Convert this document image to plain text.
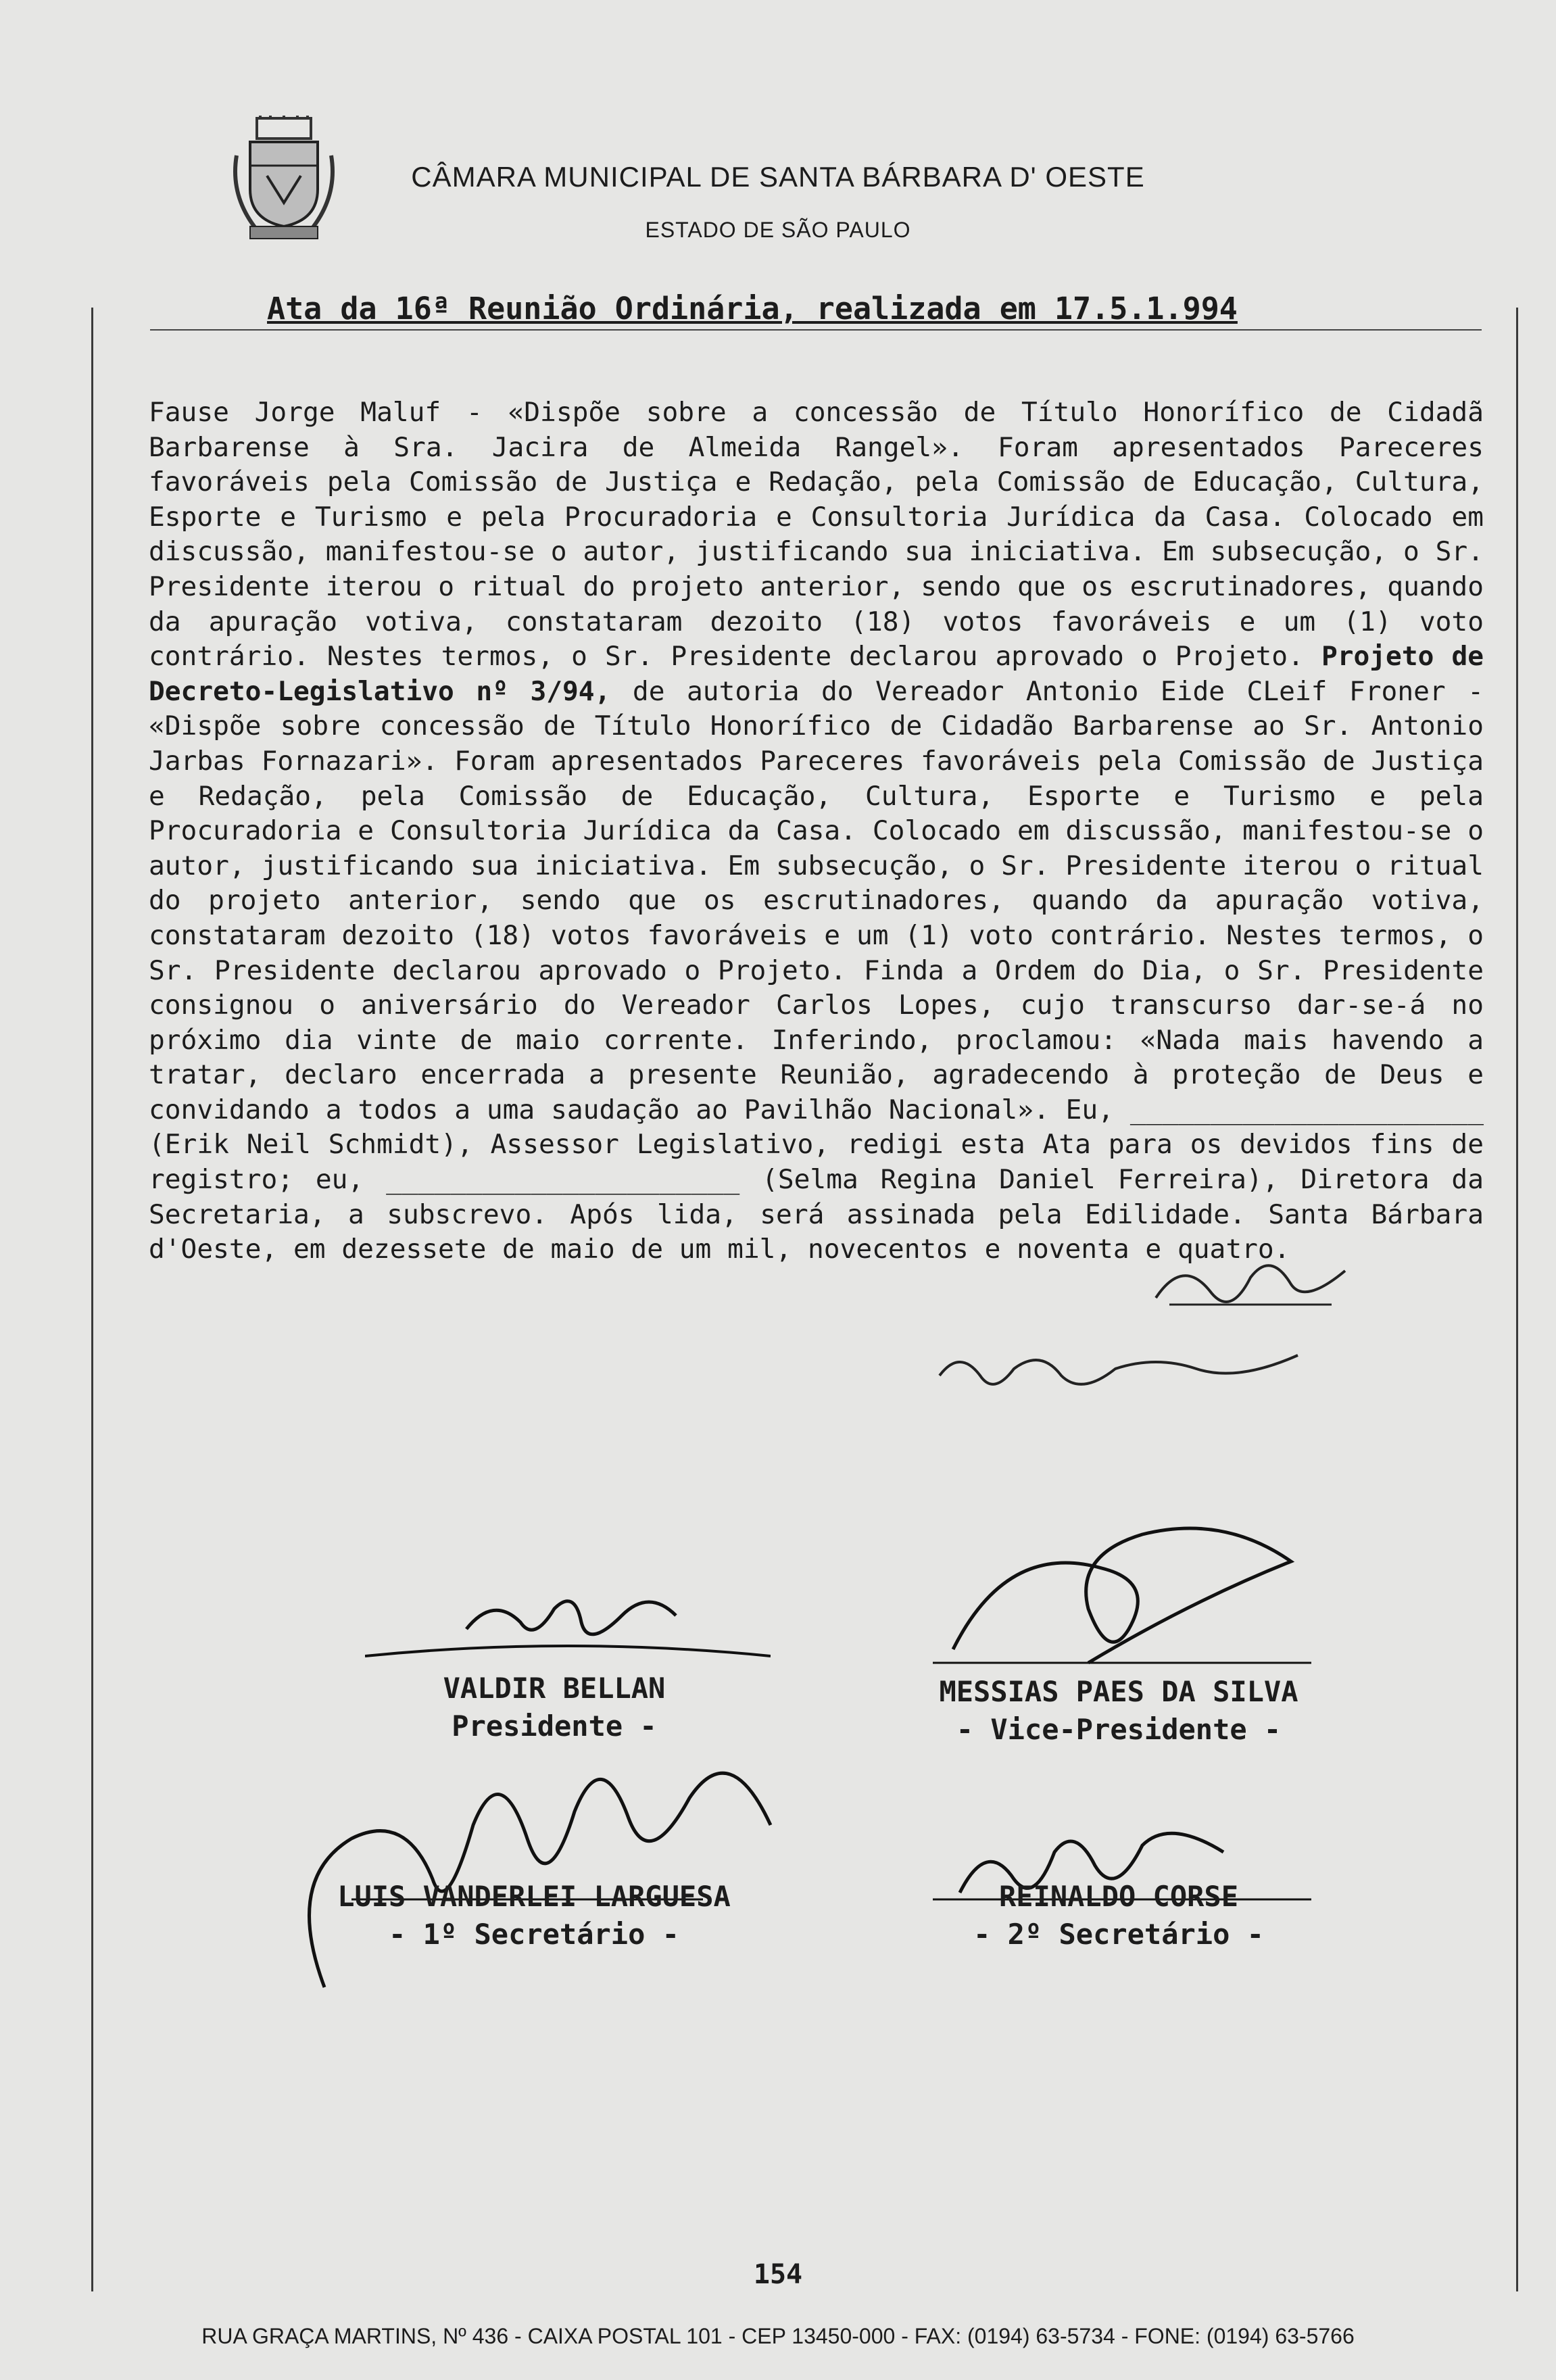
CÂMARA MUNICIPAL DE SANTA BÁRBARA D' OESTE
ESTADO DE SÃO PAULO
Ata da 16ª Reunião Ordinária, realizada em 17.5.1.994

Fause Jorge Maluf - «Dispõe sobre a concessão de Título Honorífico de Cidadã Barbarense à Sra. Jacira de Almeida Rangel». Foram apresentados Pareceres favoráveis pela Comissão de Justiça e Redação, pela Comissão de Educação, Cultura, Esporte e Turismo e pela Procuradoria e Consultoria Jurídica da Casa. Colocado em discussão, manifestou-se o autor, justificando sua iniciativa. Em subsecução, o Sr. Presidente iterou o ritual do projeto anterior, sendo que os escrutinadores, quando da apuração votiva, constataram dezoito (18) votos favoráveis e um (1) voto contrário. Nestes termos, o Sr. Presidente declarou aprovado o Projeto. Projeto de Decreto-Legislativo nº 3/94, de autoria do Vereador Antonio Eide CLeif Froner - «Dispõe sobre concessão de Título Honorífico de Cidadão Barbarense ao Sr. Antonio Jarbas Fornazari». Foram apresentados Pareceres favoráveis pela Comissão de Justiça e Redação, pela Comissão de Educação, Cultura, Esporte e Turismo e pela Procuradoria e Consultoria Jurídica da Casa. Colocado em discussão, manifestou-se o autor, justificando sua iniciativa. Em subsecução, o Sr. Presidente iterou o ritual do projeto anterior, sendo que os escrutinadores, quando da apuração votiva, constataram dezoito (18) votos favoráveis e um (1) voto contrário. Nestes termos, o Sr. Presidente declarou aprovado o Projeto. Finda a Ordem do Dia, o Sr. Presidente consignou o aniversário do Vereador Carlos Lopes, cujo transcurso dar-se-á no próximo dia vinte de maio corrente. Inferindo, proclamou: «Nada mais havendo a tratar, declaro encerrada a presente Reunião, agradecendo à proteção de Deus e convidando a todos a uma saudação ao Pavilhão Nacional». Eu, ______________________ (Erik Neil Schmidt), Assessor Legislativo, redigi esta Ata para os devidos fins de registro; eu, ______________________ (Selma Regina Daniel Ferreira), Diretora da Secretaria, a subscrevo. Após lida, será assinada pela Edilidade. Santa Bárbara d'Oeste, em dezessete de maio de um mil, novecentos e noventa e quatro.

VALDIR BELLAN
Presidente -
MESSIAS PAES DA SILVA
- Vice-Presidente -
LUIS VANDERLEI LARGUESA
- 1º Secretário -
REINALDO CORSE
- 2º Secretário -
154
RUA GRAÇA MARTINS, Nº 436 - CAIXA POSTAL 101 - CEP 13450-000 - FAX: (0194) 63-5734 - FONE: (0194) 63-5766
